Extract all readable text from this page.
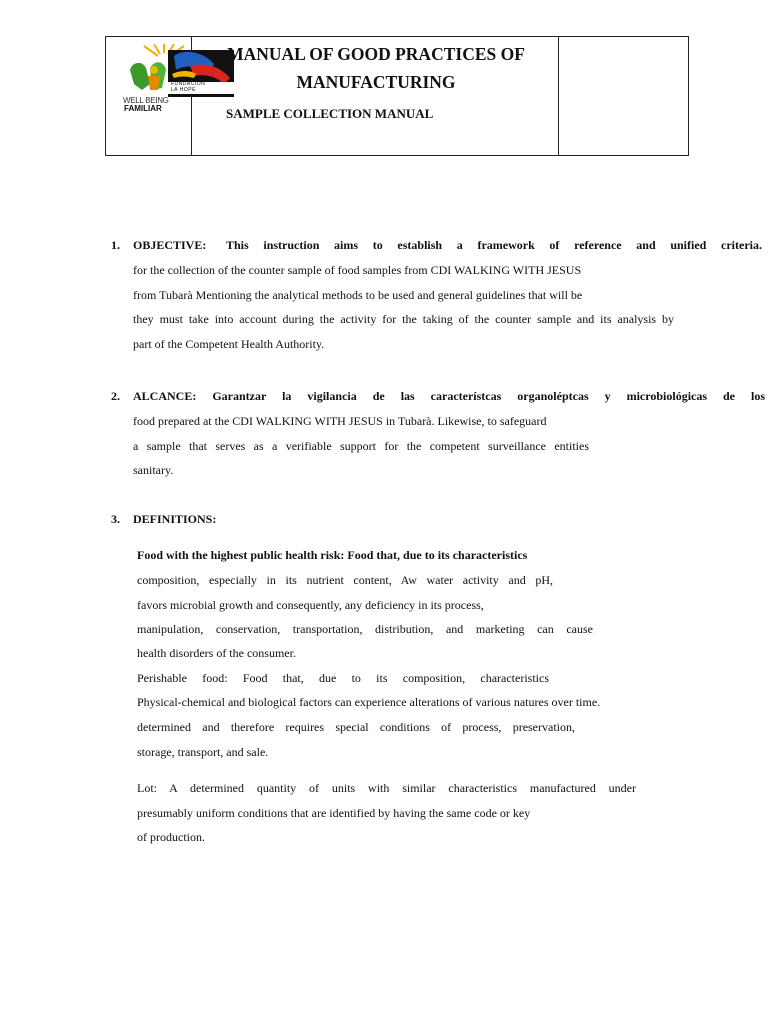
FUNDACION
LA HOPE
WELL BEING
FAMILIAR
MANUAL OF GOOD PRACTICES OF MANUFACTURING
SAMPLE COLLECTION MANUAL
1. OBJECTIVE:	This instruction aims to establish a framework of reference and unified criteria.
for the collection of the counter sample of food samples from CDI WALKING WITH JESUS
from Tubarà Mentioning the analytical methods to be used and general guidelines that will be
they must take into account during the activity for the taking of the counter sample and its analysis by
part of the Competent Health Authority.
2. ALCANCE: Garantzar la vigilancia de las característcas organoléptcas y microbiológicas de los
food prepared at the CDI WALKING WITH JESUS in Tubarà. Likewise, to safeguard
a sample that serves as a verifiable support for the competent surveillance entities
sanitary.
3. DEFINITIONS:
Food with the highest public health risk: Food that, due to its characteristics
composition, especially in its nutrient content, Aw water activity and pH,
favors microbial growth and consequently, any deficiency in its process,
manipulation, conservation, transportation, distribution, and marketing can cause
health disorders of the consumer.
Perishable food: Food that, due to its composition, characteristics
Physical-chemical and biological factors can experience alterations of various natures over time.
determined and therefore requires special conditions of process, preservation,
storage, transport, and sale.
Lot: A determined quantity of units with similar characteristics manufactured under
presumably uniform conditions that are identified by having the same code or key
of production.
